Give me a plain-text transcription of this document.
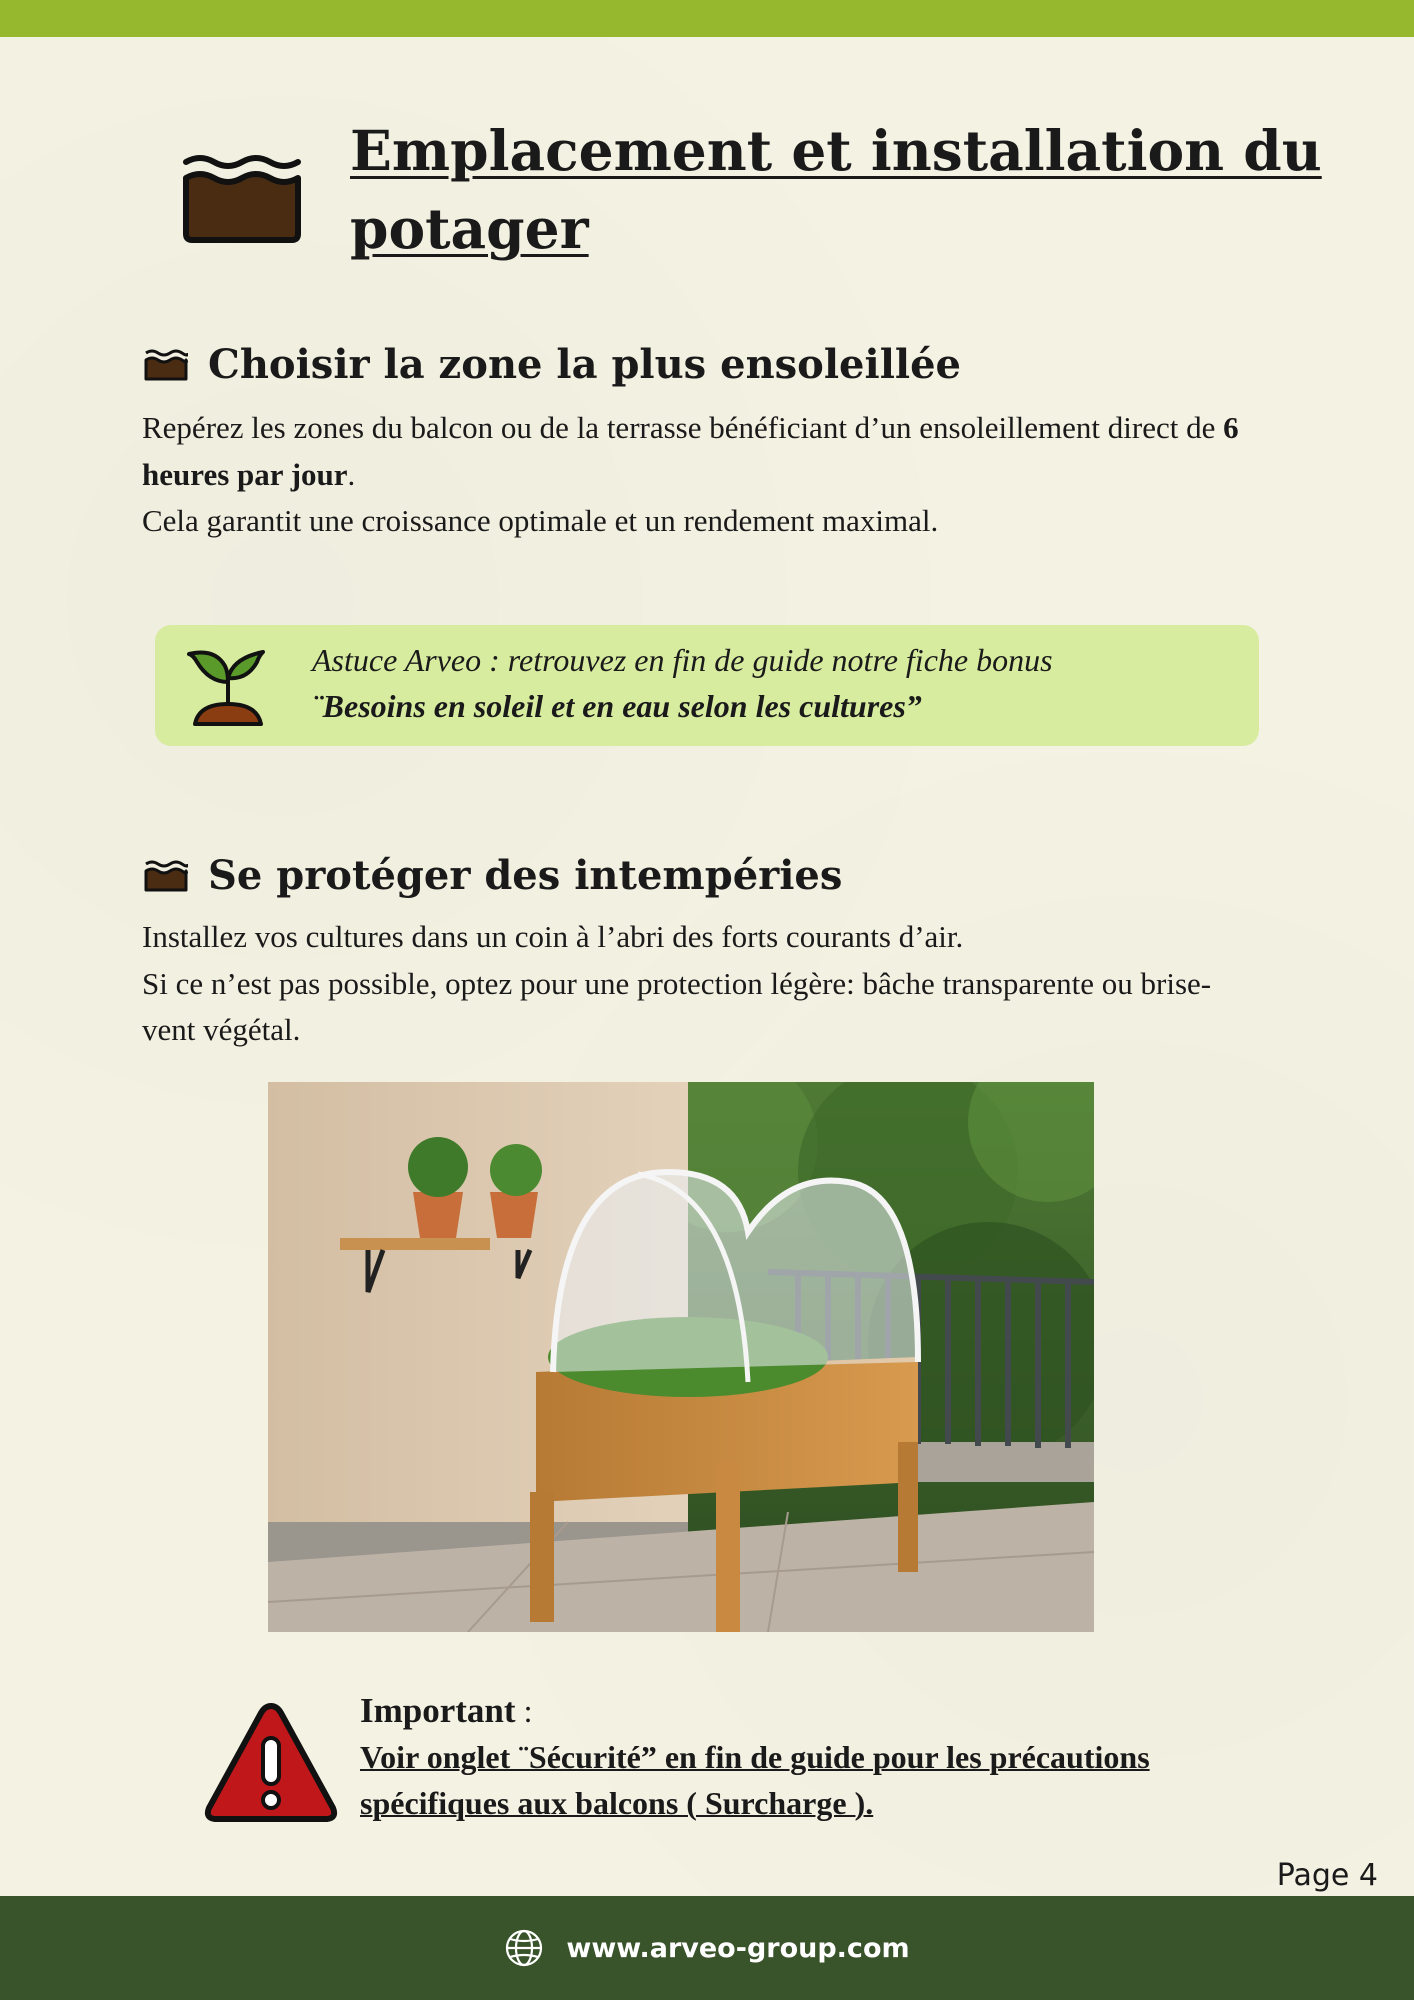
Emplacement et installation du potager
Choisir la zone la plus ensoleillée

Repérez les zones du balcon ou de la terrasse bénéficiant d’un ensoleillement direct de 6 heures par jour.
Cela garantit une croissance optimale et un rendement maximal.

Astuce Arveo : retrouvez en fin de guide notre fiche bonus
¨Besoins en soleil et en eau selon les cultures”

Se protéger des intempéries

Installez vos cultures dans un coin à l’abri des forts courants d’air.
Si ce n’est pas possible, optez pour une protection légère: bâche transparente ou brise-vent végétal.

Important :
Voir onglet ¨Sécurité” en fin de guide pour les précautions spécifiques aux balcons ( Surcharge ).

Page 4
www.arveo-group.com
